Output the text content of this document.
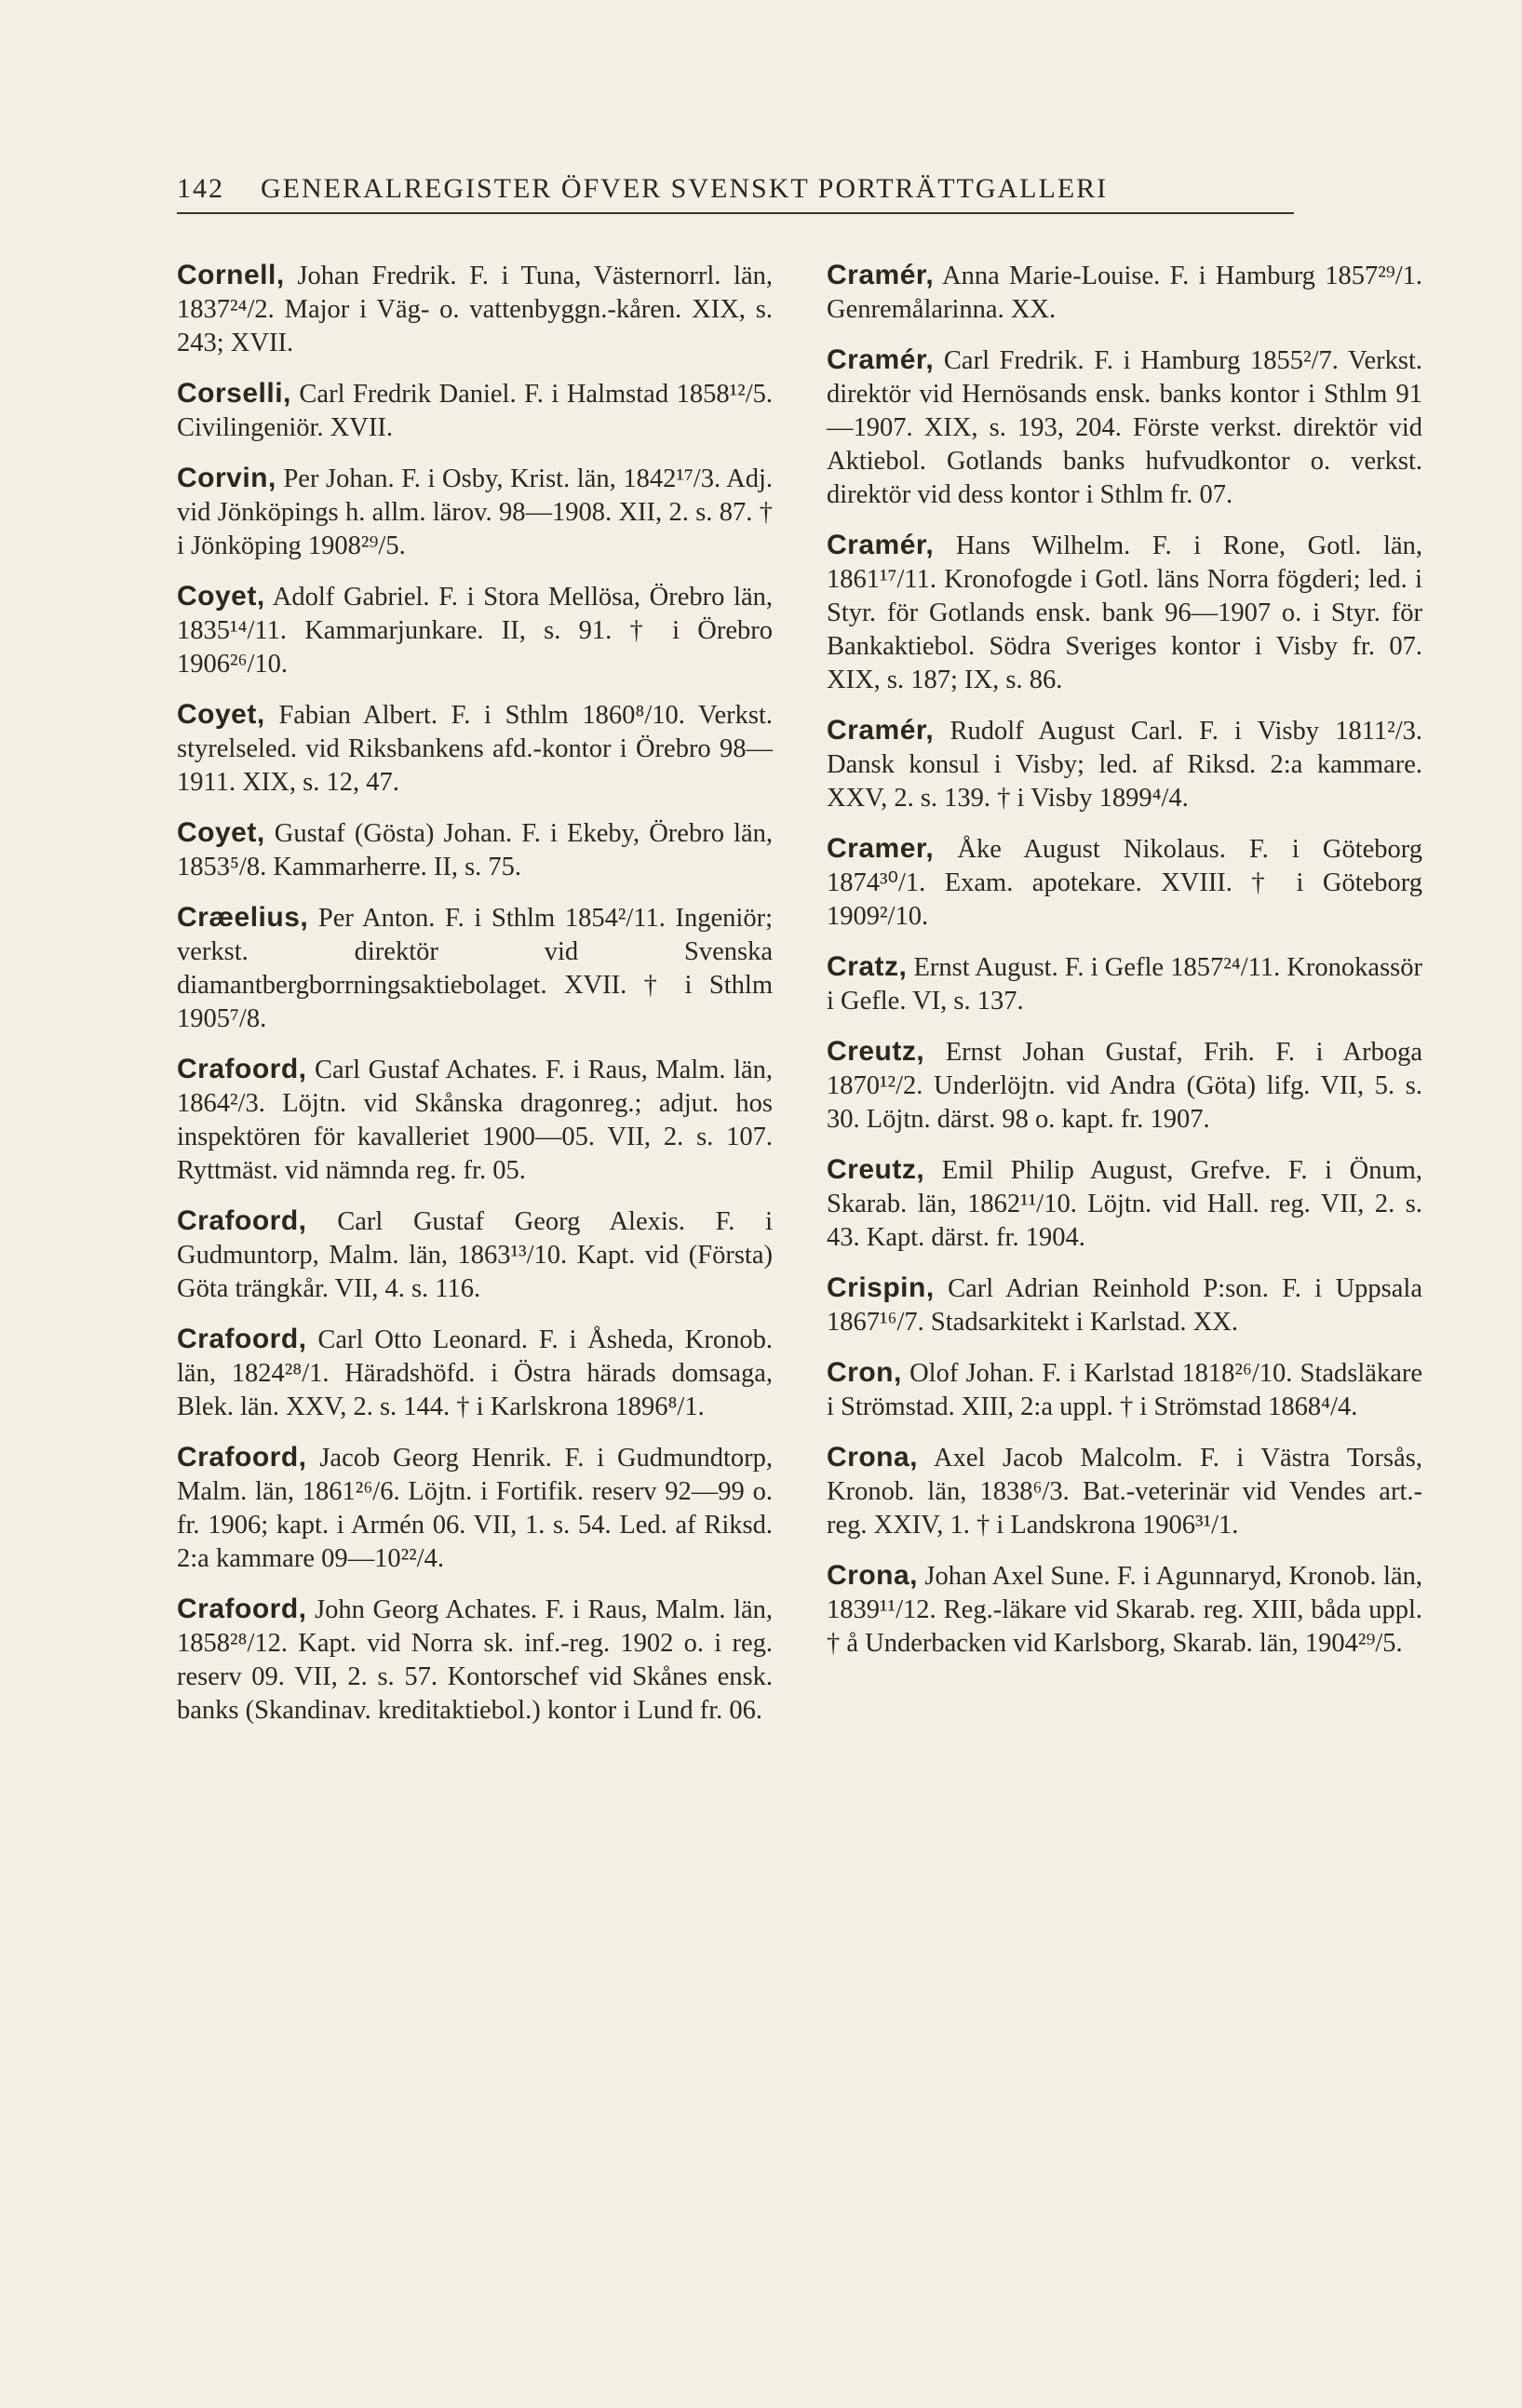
142	GENERALREGISTER ÖFVER SVENSKT PORTRÄTTGALLERI

Cornell, Johan Fredrik. F. i Tuna, Västernorrl. län, 1837²⁴/2. Major i Väg- o. vattenbyggn.-kåren. XIX, s. 243; XVII.

Corselli, Carl Fredrik Daniel. F. i Halmstad 1858¹²/5. Civilingeniör. XVII.

Corvin, Per Johan. F. i Osby, Krist. län, 1842¹⁷/3. Adj. vid Jönköpings h. allm. lärov. 98—1908. XII, 2. s. 87. † i Jönköping 1908²⁹/5.

Coyet, Adolf Gabriel. F. i Stora Mellösa, Örebro län, 1835¹⁴/11. Kammarjunkare. II, s. 91. † i Örebro 1906²⁶/10.

Coyet, Fabian Albert. F. i Sthlm 1860⁸/10. Verkst. styrelseled. vid Riksbankens afd.-kontor i Örebro 98—1911. XIX, s. 12, 47.

Coyet, Gustaf (Gösta) Johan. F. i Ekeby, Örebro län, 1853⁵/8. Kammarherre. II, s. 75.

Cræelius, Per Anton. F. i Sthlm 1854²/11. Ingeniör; verkst. direktör vid Svenska diamantbergborrningsaktiebolaget. XVII. † i Sthlm 1905⁷/8.

Crafoord, Carl Gustaf Achates. F. i Raus, Malm. län, 1864²/3. Löjtn. vid Skånska dragonreg.; adjut. hos inspektören för kavalleriet 1900—05. VII, 2. s. 107. Ryttmäst. vid nämnda reg. fr. 05.

Crafoord, Carl Gustaf Georg Alexis. F. i Gudmuntorp, Malm. län, 1863¹³/10. Kapt. vid (Första) Göta trängkår. VII, 4. s. 116.

Crafoord, Carl Otto Leonard. F. i Åsheda, Kronob. län, 1824²⁸/1. Häradshöfd. i Östra härads domsaga, Blek. län. XXV, 2. s. 144. † i Karlskrona 1896⁸/1.

Crafoord, Jacob Georg Henrik. F. i Gudmundtorp, Malm. län, 1861²⁶/6. Löjtn. i Fortifik. reserv 92—99 o. fr. 1906; kapt. i Armén 06. VII, 1. s. 54. Led. af Riksd. 2:a kammare 09—10²²/4.

Crafoord, John Georg Achates. F. i Raus, Malm. län, 1858²⁸/12. Kapt. vid Norra sk. inf.-reg. 1902 o. i reg. reserv 09. VII, 2. s. 57. Kontorschef vid Skånes ensk. banks (Skandinav. kreditaktiebol.) kontor i Lund fr. 06.

Cramér, Anna Marie-Louise. F. i Hamburg 1857²⁹/1. Genremålarinna. XX.

Cramér, Carl Fredrik. F. i Hamburg 1855²/7. Verkst. direktör vid Hernösands ensk. banks kontor i Sthlm 91—1907. XIX, s. 193, 204. Förste verkst. direktör vid Aktiebol. Gotlands banks hufvudkontor o. verkst. direktör vid dess kontor i Sthlm fr. 07.

Cramér, Hans Wilhelm. F. i Rone, Gotl. län, 1861¹⁷/11. Kronofogde i Gotl. läns Norra fögderi; led. i Styr. för Gotlands ensk. bank 96—1907 o. i Styr. för Bankaktiebol. Södra Sveriges kontor i Visby fr. 07. XIX, s. 187; IX, s. 86.

Cramér, Rudolf August Carl. F. i Visby 1811²/3. Dansk konsul i Visby; led. af Riksd. 2:a kammare. XXV, 2. s. 139. † i Visby 1899⁴/4.

Cramer, Åke August Nikolaus. F. i Göteborg 1874³⁰/1. Exam. apotekare. XVIII. † i Göteborg 1909²/10.

Cratz, Ernst August. F. i Gefle 1857²⁴/11. Kronokassör i Gefle. VI, s. 137.

Creutz, Ernst Johan Gustaf, Frih. F. i Arboga 1870¹²/2. Underlöjtn. vid Andra (Göta) lifg. VII, 5. s. 30. Löjtn. därst. 98 o. kapt. fr. 1907.

Creutz, Emil Philip August, Grefve. F. i Önum, Skarab. län, 1862¹¹/10. Löjtn. vid Hall. reg. VII, 2. s. 43. Kapt. därst. fr. 1904.

Crispin, Carl Adrian Reinhold P:son. F. i Uppsala 1867¹⁶/7. Stadsarkitekt i Karlstad. XX.

Cron, Olof Johan. F. i Karlstad 1818²⁶/10. Stadsläkare i Strömstad. XIII, 2:a uppl. † i Strömstad 1868⁴/4.

Crona, Axel Jacob Malcolm. F. i Västra Torsås, Kronob. län, 1838⁶/3. Bat.-veterinär vid Vendes art.-reg. XXIV, 1. † i Landskrona 1906³¹/1.

Crona, Johan Axel Sune. F. i Agunnaryd, Kronob. län, 1839¹¹/12. Reg.-läkare vid Skarab. reg. XIII, båda uppl. † å Underbacken vid Karlsborg, Skarab. län, 1904²⁹/5.
